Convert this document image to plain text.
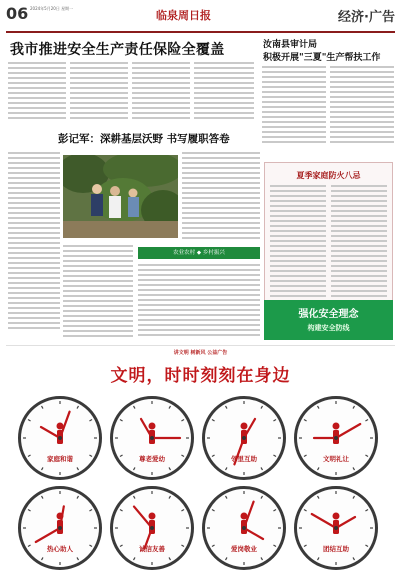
06 2024年5月20日 星期一
临泉周日报	经济·广告
我市推进安全生产责任保险全覆盖	汝南县审计局
积极开展"三夏"生产帮扶工作
彭记军：深耕基层沃野 书写履职答卷
农业农村 ◆ 乡村振兴
夏季家庭防火八忌
强化安全理念
构建安全防线
讲文明 树新风 公益广告
文明，时时刻刻在身边
家庭和谐	尊老爱幼	邻里互助	文明礼让
热心助人	诚信友善	爱岗敬业	团结互助
